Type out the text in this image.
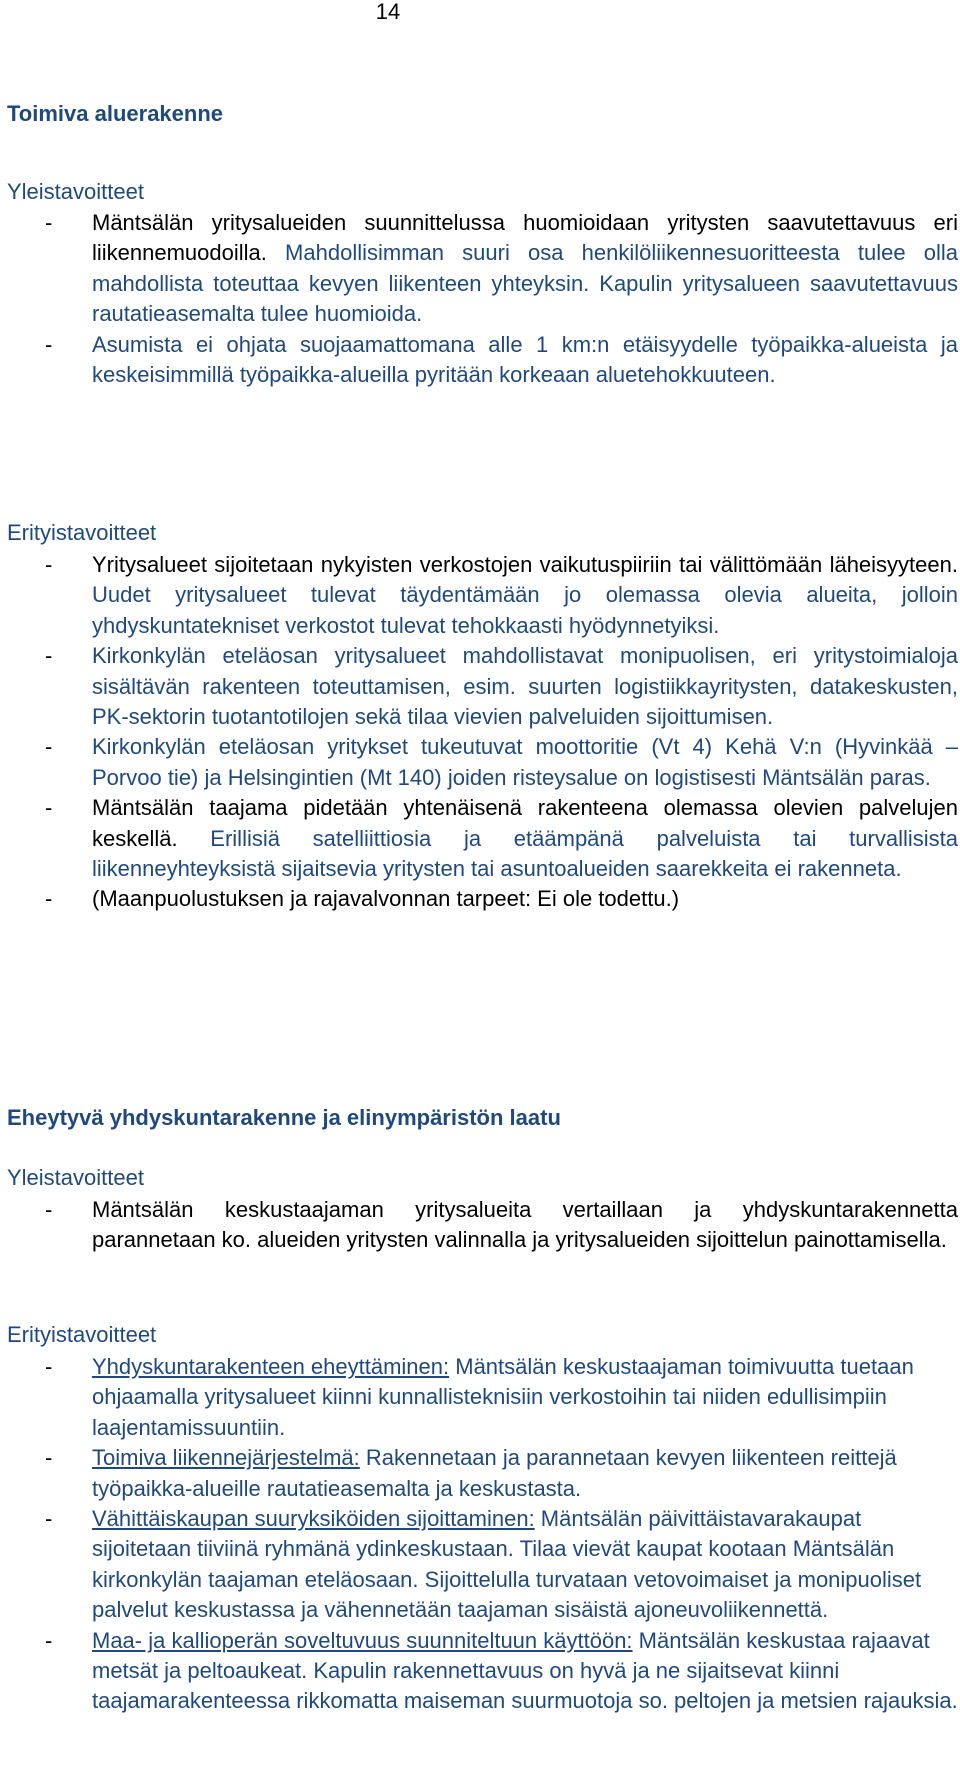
14
Toimiva aluerakenne
Yleistavoitteet
- Mäntsälän yritysalueiden suunnittelussa huomioidaan yritysten saavutettavuus eri liikennemuodoilla. Mahdollisimman suuri osa henkilöliikennesuoritteesta tulee olla mahdollista toteuttaa kevyen liikenteen yhteyksin. Kapulin yritysalueen saavutettavuus rautatieasemalta tulee huomioida.
- Asumista ei ohjata suojaamattomana alle 1 km:n etäisyydelle työpaikka-alueista ja keskeisimmillä työpaikka-alueilla pyritään korkeaan aluetehokkuuteen.
Erityistavoitteet
- Yritysalueet sijoitetaan nykyisten verkostojen vaikutuspiiriin tai välittömään läheisyyteen. Uudet yritysalueet tulevat täydentämään jo olemassa olevia alueita, jolloin yhdyskuntatekniset verkostot tulevat tehokkaasti hyödynnetyiksi.
- Kirkonkylän eteläosan yritysalueet mahdollistavat monipuolisen, eri yritystoimialoja sisältävän rakenteen toteuttamisen, esim. suurten logistiikkayritysten, datakeskusten, PK-sektorin tuotantotilojen sekä tilaa vievien palveluiden sijoittumisen.
- Kirkonkylän eteläosan yritykset tukeutuvat moottoritie (Vt 4) Kehä V:n (Hyvinkää – Porvoo tie) ja Helsingintien (Mt 140) joiden risteysalue on logistisesti Mäntsälän paras.
- Mäntsälän taajama pidetään yhtenäisenä rakenteena olemassa olevien palvelujen keskellä. Erillisiä satelliittiosia ja etäämpänä palveluista tai turvallisista liikenneyhteyksistä sijaitsevia yritysten tai asuntoalueiden saarekkeita ei rakenneta.
- (Maanpuolustuksen ja rajavalvonnan tarpeet: Ei ole todettu.)
Eheytyvä yhdyskuntarakenne ja elinympäristön laatu
Yleistavoitteet
- Mäntsälän keskustaajaman yritysalueita vertaillaan ja yhdyskuntarakennetta parannetaan ko. alueiden yritysten valinnalla ja yritysalueiden sijoittelun painottamisella.
Erityistavoitteet
- Yhdyskuntarakenteen eheyttäminen: Mäntsälän keskustaajaman toimivuutta tuetaan ohjaamalla yritysalueet kiinni kunnallisteknisiin verkostoihin tai niiden edullisimpiin laajentamissuuntiin.
- Toimiva liikennejärjestelmä: Rakennetaan ja parannetaan kevyen liikenteen reittejä työpaikka-alueille rautatieasemalta ja keskustasta.
- Vähittäiskaupan suuryksiköiden sijoittaminen: Mäntsälän päivittäistavarakaupat sijoitetaan tiiviinä ryhmänä ydinkeskustaan. Tilaa vievät kaupat kootaan Mäntsälän kirkonkylän taajaman eteläosaan. Sijoittelulla turvataan vetovoimaiset ja monipuoliset palvelut keskustassa ja vähennetään taajaman sisäistä ajoneuvoliikennettä.
- Maa- ja kallioperän soveltuvuus suunniteltuun käyttöön: Mäntsälän keskustaa rajaavat metsät ja peltoaukeat. Kapulin rakennettavuus on hyvä ja ne sijaitsevat kiinni taajamarakenteessa rikkomatta maiseman suurmuotoja so. peltojen ja metsien rajauksia.
